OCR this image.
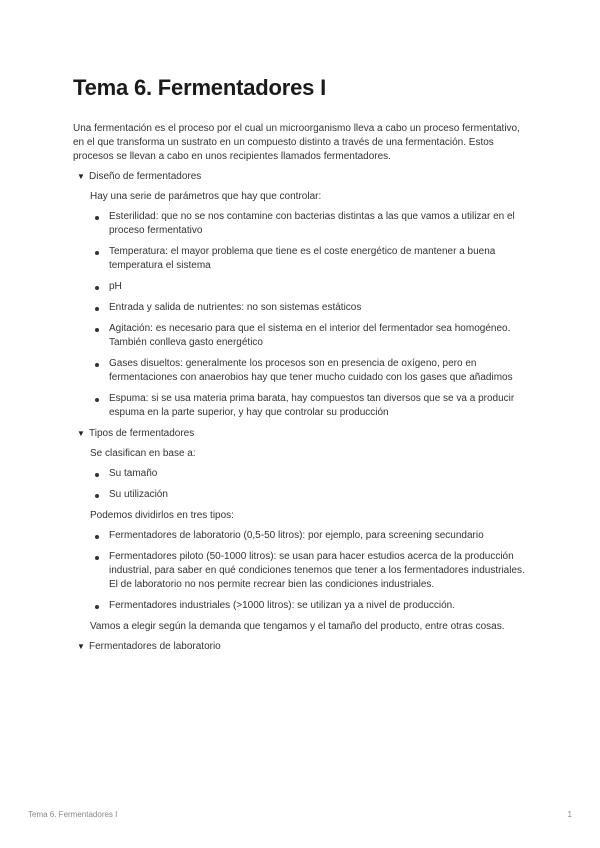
Tema 6. Fermentadores I

Una fermentación es el proceso por el cual un microorganismo lleva a cabo un proceso fermentativo, en el que transforma un sustrato en un compuesto distinto a través de una fermentación. Estos procesos se llevan a cabo en unos recipientes llamados fermentadores.

▼ Diseño de fermentadores

Hay una serie de parámetros que hay que controlar:

Esterilidad: que no se nos contamine con bacterias distintas a las que vamos a utilizar en el proceso fermentativo
Temperatura: el mayor problema que tiene es el coste energético de mantener a buena temperatura el sistema
pH
Entrada y salida de nutrientes: no son sistemas estáticos
Agitación: es necesario para que el sistema en el interior del fermentador sea homogéneo. También conlleva gasto energético
Gases disueltos: generalmente los procesos son en presencia de oxígeno, pero en fermentaciones con anaerobios hay que tener mucho cuidado con los gases que añadimos
Espuma: si se usa materia prima barata, hay compuestos tan diversos que se va a producir espuma en la parte superior, y hay que controlar su producción
▼ Tipos de fermentadores

Se clasifican en base a:

Su tamaño
Su utilización

Podemos dividirlos en tres tipos:

Fermentadores de laboratorio (0,5-50 litros): por ejemplo, para screening secundario
Fermentadores piloto (50-1000 litros): se usan para hacer estudios acerca de la producción industrial, para saber en qué condiciones tenemos que tener a los fermentadores industriales. El de laboratorio no nos permite recrear bien las condiciones industriales.
Fermentadores industriales (>1000 litros): se utilizan ya a nivel de producción.

Vamos a elegir según la demanda que tengamos y el tamaño del producto, entre otras cosas.

▼ Fermentadores de laboratorio
Tema 6. Fermentadores I	1
